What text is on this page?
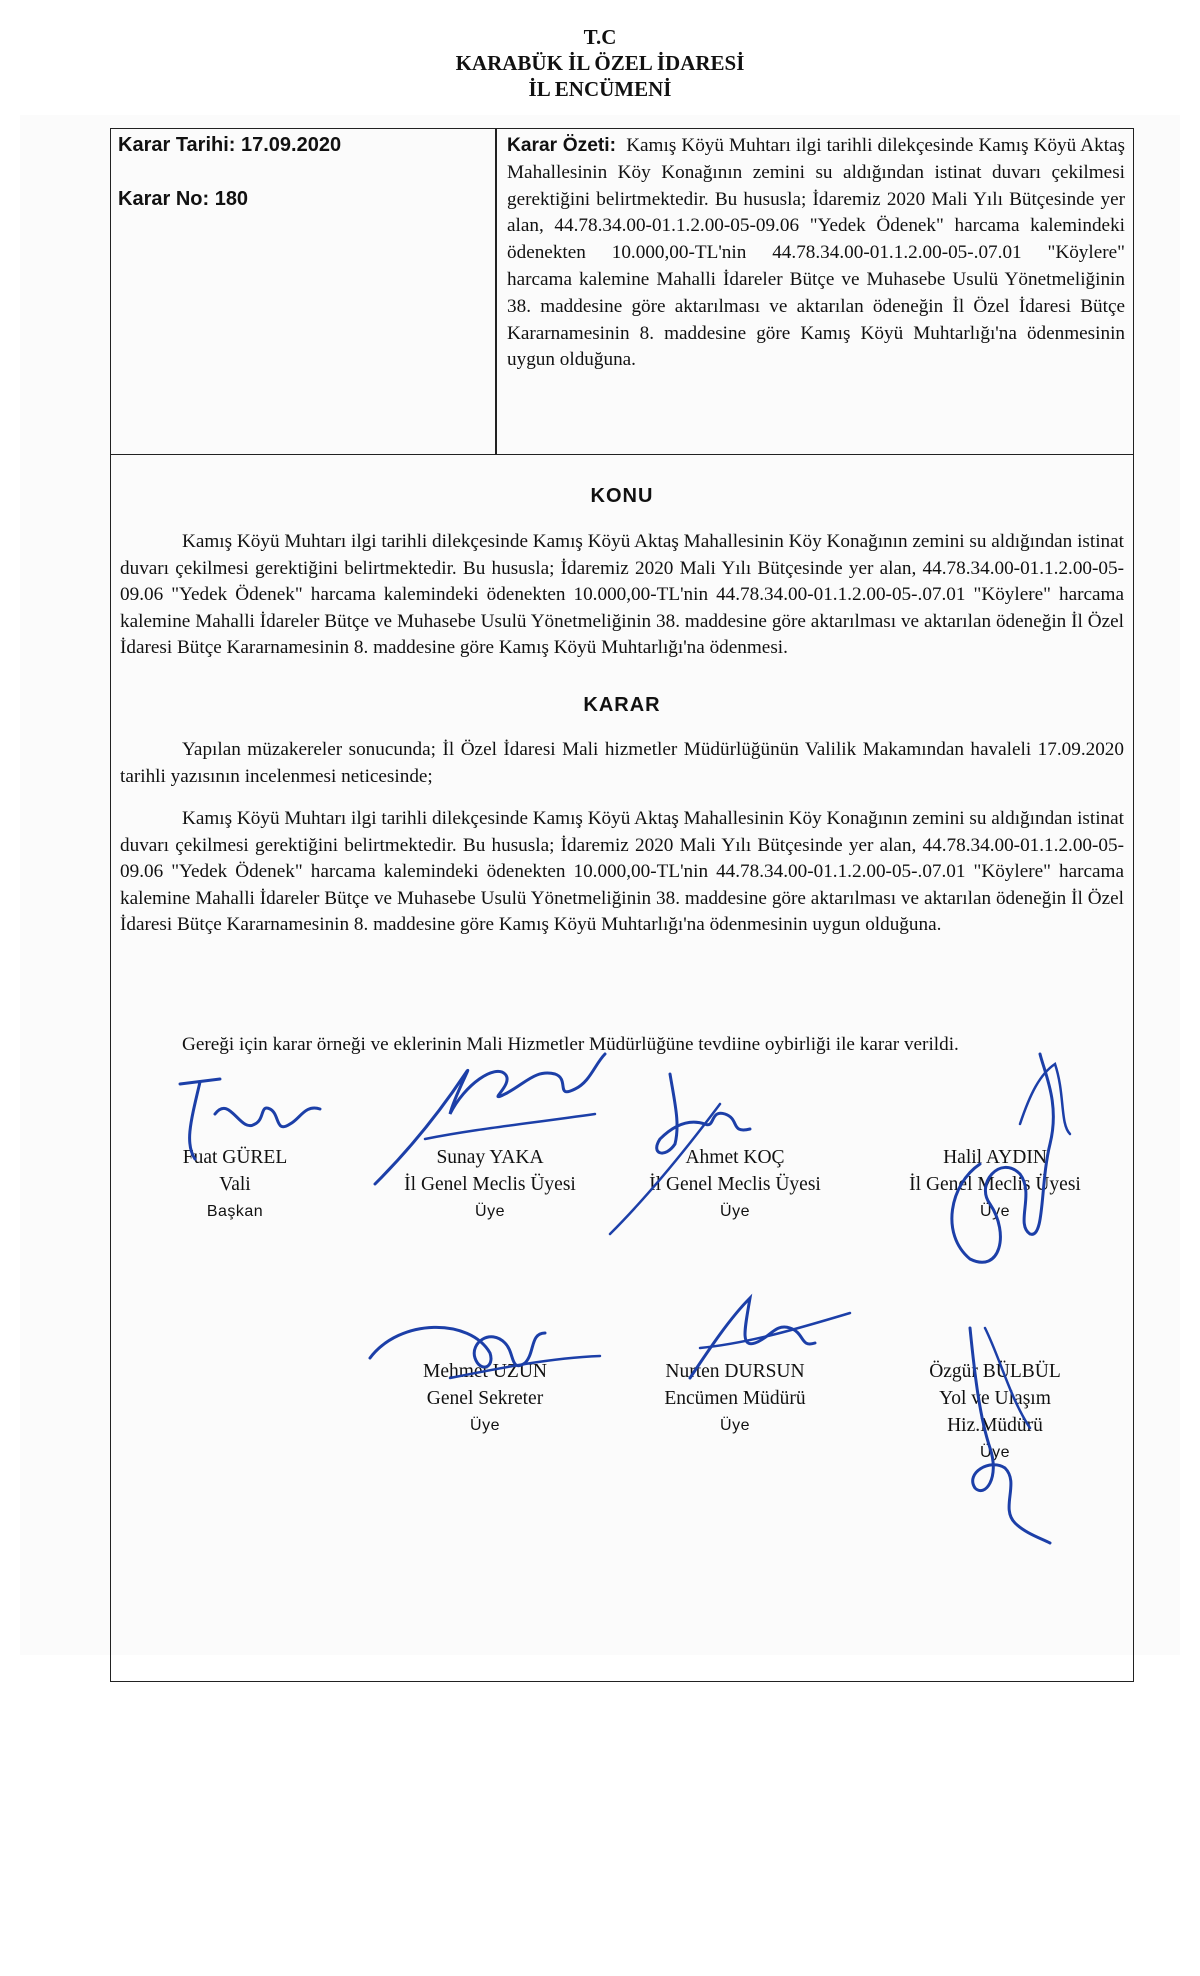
T.C
KARABÜK İL ÖZEL İDARESİ
İL ENCÜMENİ
Karar Tarihi: 17.09.2020
Karar No: 180
Karar Özeti: Kamış Köyü Muhtarı ilgi tarihli dilekçesinde Kamış Köyü Aktaş Mahallesinin Köy Konağının zemini su aldığından istinat duvarı çekilmesi gerektiğini belirtmektedir. Bu hususla; İdaremiz 2020 Mali Yılı Bütçesinde yer alan, 44.78.34.00-01.1.2.00-05-09.06 "Yedek Ödenek" harcama kalemindeki ödenekten 10.000,00-TL'nin 44.78.34.00-01.1.2.00-05-.07.01 "Köylere" harcama kalemine Mahalli İdareler Bütçe ve Muhasebe Usulü Yönetmeliğinin 38. maddesine göre aktarılması ve aktarılan ödeneğin İl Özel İdaresi Bütçe Kararnamesinin 8. maddesine göre Kamış Köyü Muhtarlığı'na ödenmesinin uygun olduğuna.
KONU

Kamış Köyü Muhtarı ilgi tarihli dilekçesinde Kamış Köyü Aktaş Mahallesinin Köy Konağının zemini su aldığından istinat duvarı çekilmesi gerektiğini belirtmektedir. Bu hususla; İdaremiz 2020 Mali Yılı Bütçesinde yer alan, 44.78.34.00-01.1.2.00-05-09.06 "Yedek Ödenek" harcama kalemindeki ödenekten 10.000,00-TL'nin 44.78.34.00-01.1.2.00-05-.07.01 "Köylere" harcama kalemine Mahalli İdareler Bütçe ve Muhasebe Usulü Yönetmeliğinin 38. maddesine göre aktarılması ve aktarılan ödeneğin İl Özel İdaresi Bütçe Kararnamesinin 8. maddesine göre Kamış Köyü Muhtarlığı'na ödenmesi.

KARAR

Yapılan müzakereler sonucunda; İl Özel İdaresi Mali hizmetler Müdürlüğünün Valilik Makamından havaleli 17.09.2020 tarihli yazısının incelenmesi neticesinde;

Kamış Köyü Muhtarı ilgi tarihli dilekçesinde Kamış Köyü Aktaş Mahallesinin Köy Konağının zemini su aldığından istinat duvarı çekilmesi gerektiğini belirtmektedir. Bu hususla; İdaremiz 2020 Mali Yılı Bütçesinde yer alan, 44.78.34.00-01.1.2.00-05-09.06 "Yedek Ödenek" harcama kalemindeki ödenekten 10.000,00-TL'nin 44.78.34.00-01.1.2.00-05-.07.01 "Köylere" harcama kalemine Mahalli İdareler Bütçe ve Muhasebe Usulü Yönetmeliğinin 38. maddesine göre aktarılması ve aktarılan ödeneğin İl Özel İdaresi Bütçe Kararnamesinin 8. maddesine göre Kamış Köyü Muhtarlığı'na ödenmesinin uygun olduğuna.

Gereği için karar örneği ve eklerinin Mali Hizmetler Müdürlüğüne tevdiine oybirliği ile karar verildi.

Fuat GÜREL
Vali
Başkan
Sunay YAKA
İl Genel Meclis Üyesi
Üye
Ahmet KOÇ
İl Genel Meclis Üyesi
Üye
Halil AYDIN
İl Genel Meclis Üyesi
Üye
Mehmet UZUN
Genel Sekreter
Üye
Nurten DURSUN
Encümen Müdürü
Üye
Özgür BÜLBÜL
Yol ve Ulaşım
Hiz.Müdürü
Üye
